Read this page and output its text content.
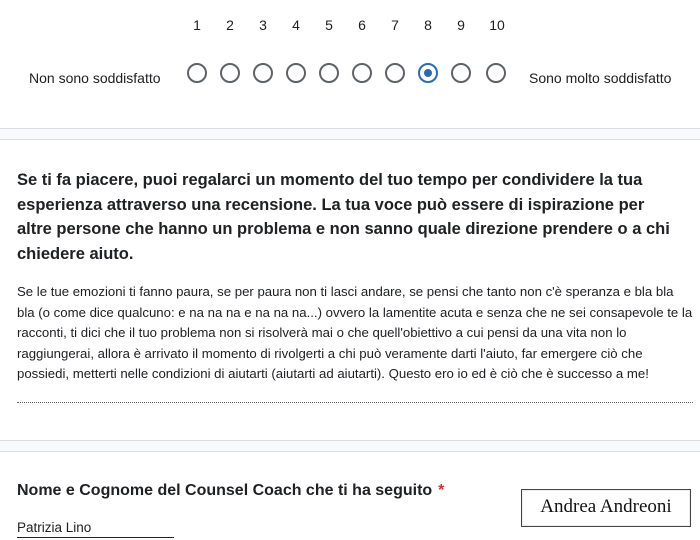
1	2	3	4	5	6	7	8	9	10
Non sono soddisfatto	Sono molto soddisfatto
Se ti fa piacere, puoi regalarci un momento del tuo tempo per condividere la tua esperienza attraverso una recensione. La tua voce può essere di ispirazione per altre persone che hanno un problema e non sanno quale direzione prendere o a chi chiedere aiuto.
Se le tue emozioni ti fanno paura, se per paura non ti lasci andare, se pensi che tanto non c'è speranza e bla bla bla (o come dice qualcuno: e na na na e na na na...) ovvero la lamentite acuta e senza che ne sei consapevole te la racconti, ti dici che il tuo problema non si risolverà mai o che quell'obiettivo a cui pensi da una vita non lo raggiungerai, allora è arrivato il momento di rivolgerti a chi può veramente darti l'aiuto, far emergere ciò che possiedi, metterti nelle condizioni di aiutarti (aiutarti ad aiutarti). Questo ero io ed è ciò che è successo a me!
Nome e Cognome del Counsel Coach che ti ha seguito *
Patrizia Lino
Andrea Andreoni
